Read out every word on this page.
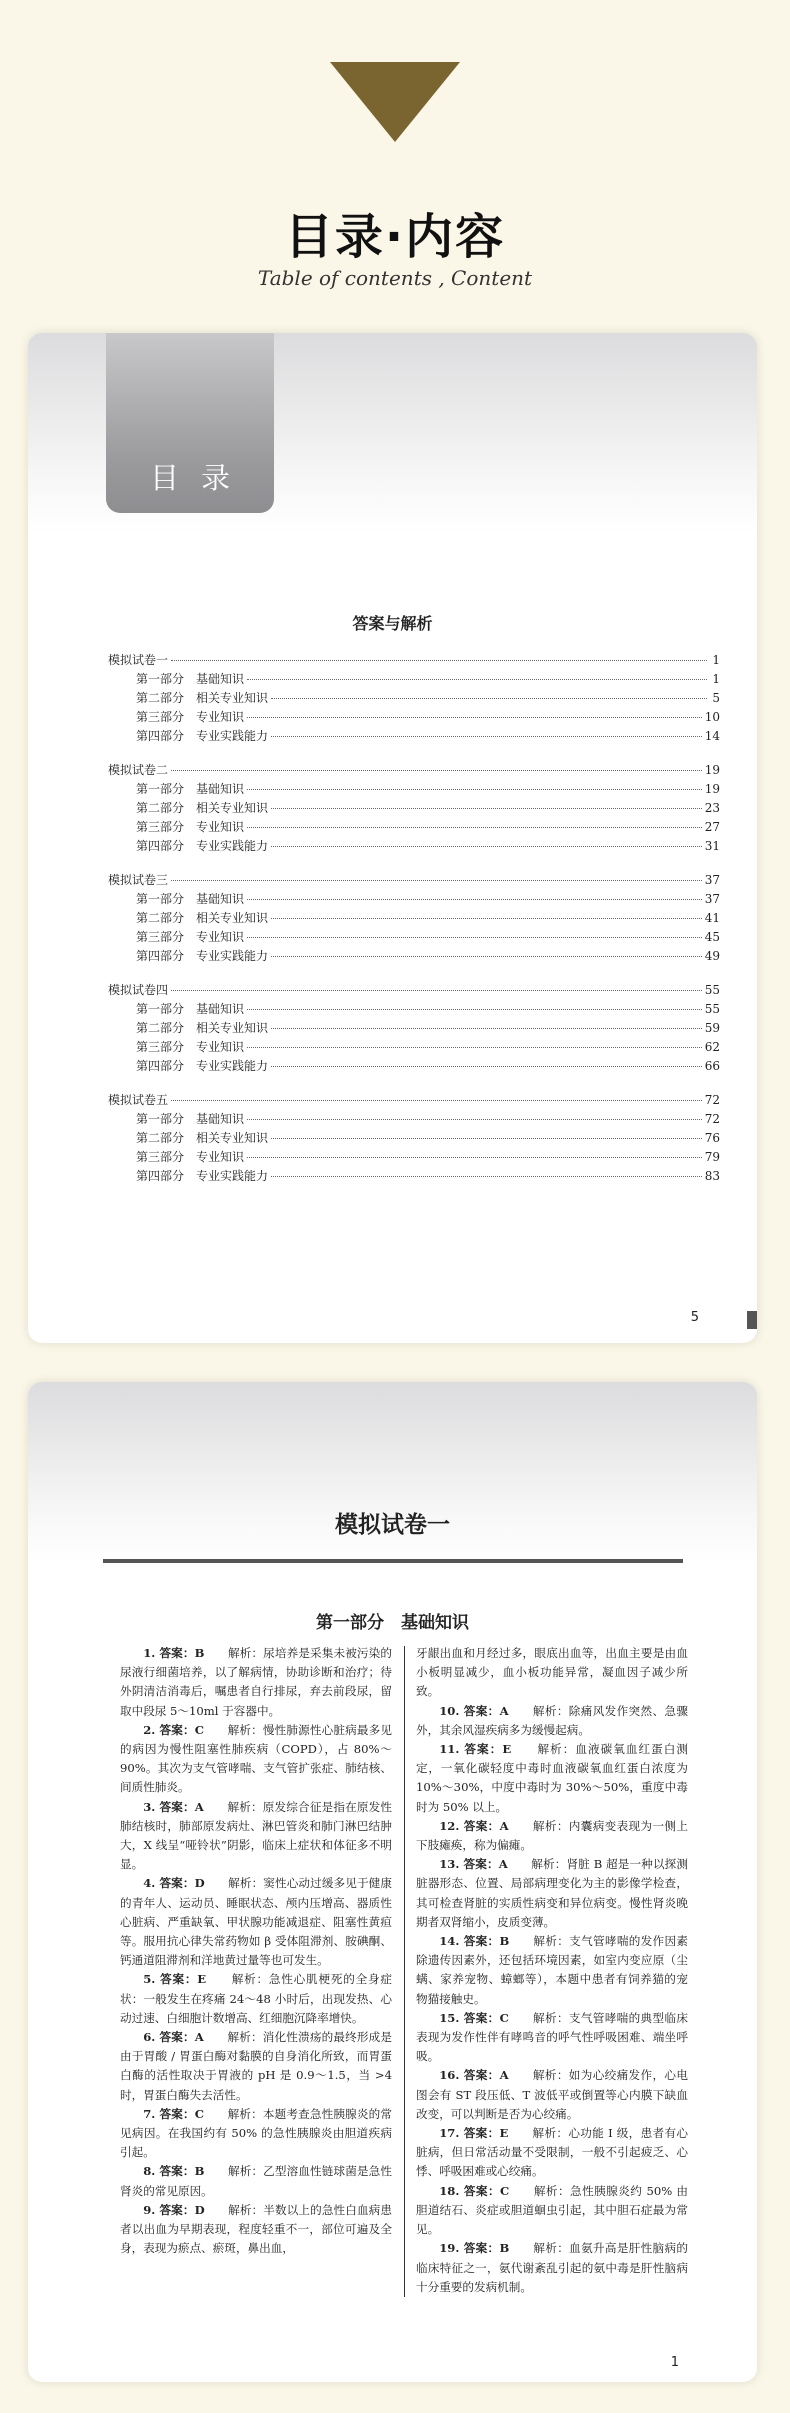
目录·内容
Table of contents , Content
目录
答案与解析
模拟试卷一	1
第一部分　基础知识	1
第二部分　相关专业知识	5
第三部分　专业知识	10
第四部分　专业实践能力	14
模拟试卷二	19
第一部分　基础知识	19
第二部分　相关专业知识	23
第三部分　专业知识	27
第四部分　专业实践能力	31
模拟试卷三	37
第一部分　基础知识	37
第二部分　相关专业知识	41
第三部分　专业知识	45
第四部分　专业实践能力	49
模拟试卷四	55
第一部分　基础知识	55
第二部分　相关专业知识	59
第三部分　专业知识	62
第四部分　专业实践能力	66
模拟试卷五	72
第一部分　基础知识	72
第二部分　相关专业知识	76
第三部分　专业知识	79
第四部分　专业实践能力	83
5
模拟试卷一
第一部分　基础知识

1. 答案：B　　解析：尿培养是采集未被污染的尿液行细菌培养，以了解病情，协助诊断和治疗；待外阴清洁消毒后，嘱患者自行排尿，弃去前段尿，留取中段尿 5～10ml 于容器中。

2. 答案：C　　解析：慢性肺源性心脏病最多见的病因为慢性阻塞性肺疾病（COPD），占 80%～90%。其次为支气管哮喘、支气管扩张症、肺结核、间质性肺炎。

3. 答案：A　　解析：原发综合征是指在原发性肺结核时，肺部原发病灶、淋巴管炎和肺门淋巴结肿大，X 线呈“哑铃状”阴影，临床上症状和体征多不明显。

4. 答案：D　　解析：窦性心动过缓多见于健康的青年人、运动员、睡眠状态、颅内压增高、器质性心脏病、严重缺氧、甲状腺功能减退症、阻塞性黄疸等。服用抗心律失常药物如 β 受体阻滞剂、胺碘酮、钙通道阻滞剂和洋地黄过量等也可发生。

5. 答案：E　　解析：急性心肌梗死的全身症状：一般发生在疼痛 24～48 小时后，出现发热、心动过速、白细胞计数增高、红细胞沉降率增快。

6. 答案：A　　解析：消化性溃疡的最终形成是由于胃酸 / 胃蛋白酶对黏膜的自身消化所致，而胃蛋白酶的活性取决于胃液的 pH 是 0.9～1.5，当 >4 时，胃蛋白酶失去活性。

7. 答案：C　　解析：本题考查急性胰腺炎的常见病因。在我国约有 50% 的急性胰腺炎由胆道疾病引起。

8. 答案：B　　解析：乙型溶血性链球菌是急性肾炎的常见原因。

9. 答案：D　　解析：半数以上的急性白血病患者以出血为早期表现，程度轻重不一，部位可遍及全身，表现为瘀点、瘀斑，鼻出血，

牙龈出血和月经过多，眼底出血等，出血主要是由血小板明显减少，血小板功能异常，凝血因子减少所致。

10. 答案：A　　解析：除痛风发作突然、急骤外，其余风湿疾病多为缓慢起病。

11. 答案：E　　解析：血液碳氧血红蛋白测定，一氧化碳轻度中毒时血液碳氧血红蛋白浓度为 10%～30%，中度中毒时为 30%～50%，重度中毒时为 50% 以上。

12. 答案：A　　解析：内囊病变表现为一侧上下肢瘫痪，称为偏瘫。

13. 答案：A　　解析：肾脏 B 超是一种以探测脏器形态、位置、局部病理变化为主的影像学检查，其可检查肾脏的实质性病变和异位病变。慢性肾炎晚期者双肾缩小，皮质变薄。

14. 答案：B　　解析：支气管哮喘的发作因素除遗传因素外，还包括环境因素，如室内变应原（尘螨、家养宠物、蟑螂等），本题中患者有饲养猫的宠物猫接触史。

15. 答案：C　　解析：支气管哮喘的典型临床表现为发作性伴有哮鸣音的呼气性呼吸困难、端坐呼吸。

16. 答案：A　　解析：如为心绞痛发作，心电图会有 ST 段压低、T 波低平或倒置等心内膜下缺血改变，可以判断是否为心绞痛。

17. 答案：E　　解析：心功能 I 级，患者有心脏病，但日常活动量不受限制，一般不引起疲乏、心悸、呼吸困难或心绞痛。

18. 答案：C　　解析：急性胰腺炎约 50% 由胆道结石、炎症或胆道蛔虫引起，其中胆石症最为常见。

19. 答案：B　　解析：血氨升高是肝性脑病的临床特征之一，氨代谢紊乱引起的氨中毒是肝性脑病十分重要的发病机制。

1
